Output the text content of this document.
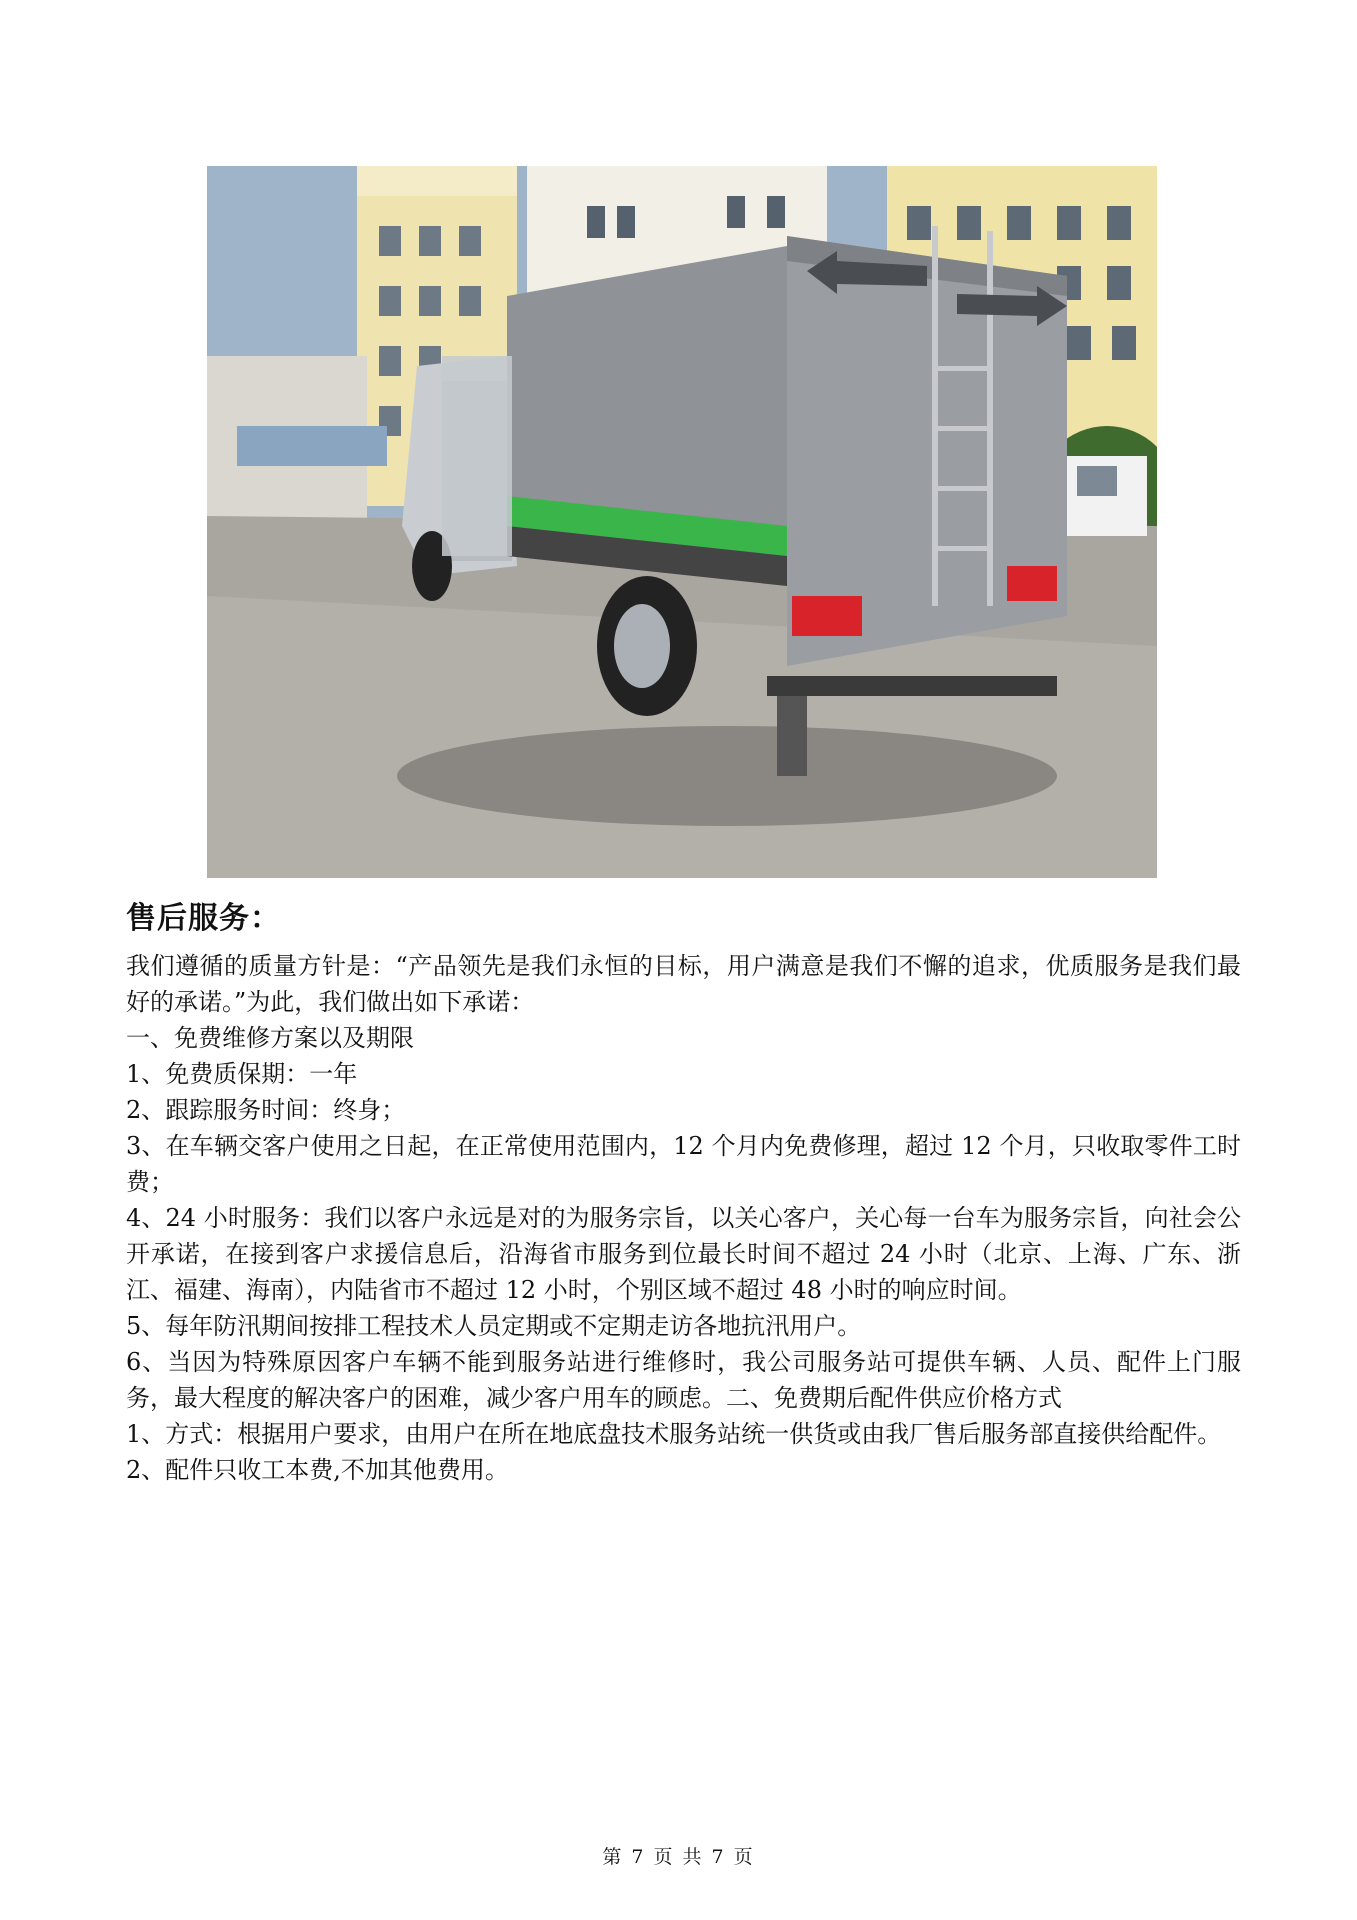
售后服务：

我们遵循的质量方针是：“产品领先是我们永恒的目标，用户满意是我们不懈的追求，优质服务是我们最好的承诺。”为此，我们做出如下承诺：

一、免费维修方案以及期限

1、免费质保期：一年

2、跟踪服务时间：终身；

3、在车辆交客户使用之日起，在正常使用范围内，12 个月内免费修理，超过 12 个月，只收取零件工时费；

4、24 小时服务：我们以客户永远是对的为服务宗旨，以关心客户，关心每一台车为服务宗旨，向社会公开承诺，在接到客户求援信息后，沿海省市服务到位最长时间不超过 24 小时（北京、上海、广东、浙江、福建、海南），内陆省市不超过 12 小时，个别区域不超过 48 小时的响应时间。

5、每年防汛期间按排工程技术人员定期或不定期走访各地抗汛用户。

6、当因为特殊原因客户车辆不能到服务站进行维修时，我公司服务站可提供车辆、人员、配件上门服务，最大程度的解决客户的困难，减少客户用车的顾虑。二、免费期后配件供应价格方式

1、方式：根据用户要求，由用户在所在地底盘技术服务站统一供货或由我厂售后服务部直接供给配件。

2、配件只收工本费,不加其他费用。

第 7 页 共 7 页
